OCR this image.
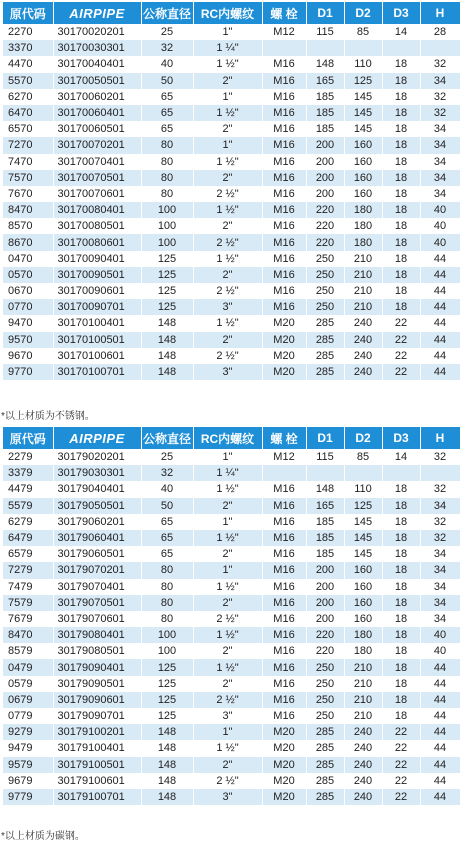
原代码	AIRPIPE	公称直径	RC内螺纹	螺 栓	D1	D2	D3	H
2270	30170020201	25	1"	M12	115	85	14	28
3370	30170030301	32	1 ¼"					
4470	30170040401	40	1 ½"	M16	148	110	18	32
5570	30170050501	50	2"	M16	165	125	18	34
6270	30170060201	65	1"	M16	185	145	18	32
6470	30170060401	65	1 ½"	M16	185	145	18	32
6570	30170060501	65	2"	M16	185	145	18	34
7270	30170070201	80	1"	M16	200	160	18	34
7470	30170070401	80	1 ½"	M16	200	160	18	34
7570	30170070501	80	2"	M16	200	160	18	34
7670	30170070601	80	2 ½"	M16	200	160	18	34
8470	30170080401	100	1 ½"	M16	220	180	18	40
8570	30170080501	100	2"	M16	220	180	18	40
8670	30170080601	100	2 ½"	M16	220	180	18	40
0470	30170090401	125	1 ½"	M16	250	210	18	44
0570	30170090501	125	2"	M16	250	210	18	44
0670	30170090601	125	2 ½"	M16	250	210	18	44
0770	30170090701	125	3"	M16	250	210	18	44
9470	30170100401	148	1 ½"	M20	285	240	22	44
9570	30170100501	148	2"	M20	285	240	22	44
9670	30170100601	148	2 ½"	M20	285	240	22	44
9770	30170100701	148	3"	M20	285	240	22	44
*以上材质为不锈钢。
原代码	AIRPIPE	公称直径	RC内螺纹	螺 栓	D1	D2	D3	H
2279	30179020201	25	1"	M12	115	85	14	32
3379	30179030301	32	1 ¼"					
4479	30179040401	40	1 ½"	M16	148	110	18	32
5579	30179050501	50	2"	M16	165	125	18	34
6279	30179060201	65	1"	M16	185	145	18	32
6479	30179060401	65	1 ½"	M16	185	145	18	32
6579	30179060501	65	2"	M16	185	145	18	34
7279	30179070201	80	1"	M16	200	160	18	34
7479	30179070401	80	1 ½"	M16	200	160	18	34
7579	30179070501	80	2"	M16	200	160	18	34
7679	30179070601	80	2 ½"	M16	200	160	18	34
8470	30179080401	100	1 ½"	M16	220	180	18	40
8579	30179080501	100	2"	M16	220	180	18	40
0479	30179090401	125	1 ½"	M16	250	210	18	44
0579	30179090501	125	2"	M16	250	210	18	44
0679	30179090601	125	2 ½"	M16	250	210	18	44
0779	30179090701	125	3"	M16	250	210	18	44
9279	30179100201	148	1"	M20	285	240	22	44
9479	30179100401	148	1 ½"	M20	285	240	22	44
9579	30179100501	148	2"	M20	285	240	22	44
9679	30179100601	148	2 ½"	M20	285	240	22	44
9779	30179100701	148	3"	M20	285	240	22	44
*以上材质为碳钢。
